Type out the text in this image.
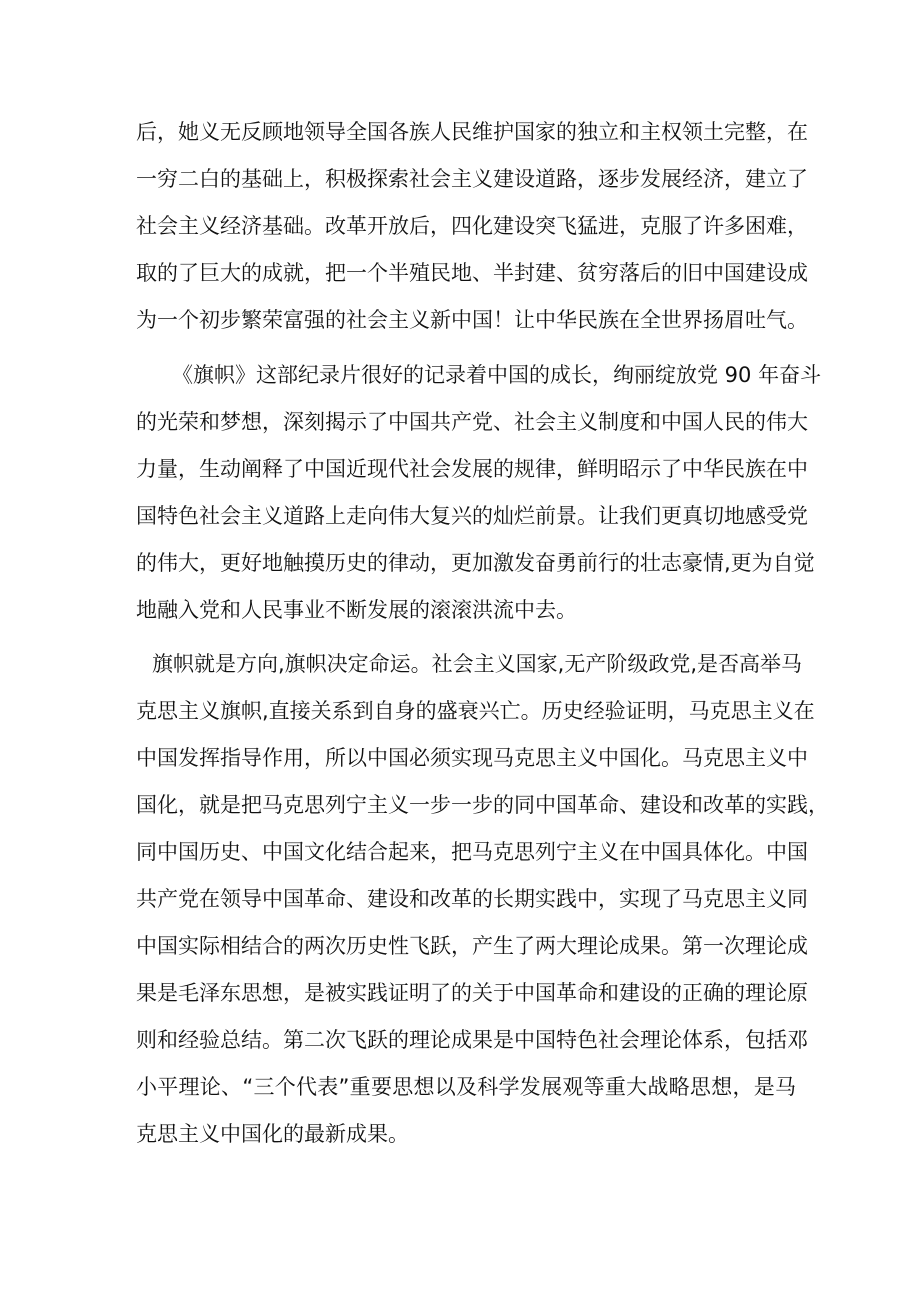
后，她义无反顾地领导全国各族人民维护国家的独立和主权领土完整，在
一穷二白的基础上，积极探索社会主义建设道路，逐步发展经济，建立了
社会主义经济基础。改革开放后，四化建设突飞猛进，克服了许多困难，
取的了巨大的成就，把一个半殖民地、半封建、贫穷落后的旧中国建设成
为一个初步繁荣富强的社会主义新中国！让中华民族在全世界扬眉吐气。
《旗帜》这部纪录片很好的记录着中国的成长，绚丽绽放党 90 年奋斗
的光荣和梦想，深刻揭示了中国共产党、社会主义制度和中国人民的伟大
力量，生动阐释了中国近现代社会发展的规律，鲜明昭示了中华民族在中
国特色社会主义道路上走向伟大复兴的灿烂前景。让我们更真切地感受党
的伟大，更好地触摸历史的律动，更加激发奋勇前行的壮志豪情,更为自觉
地融入党和人民事业不断发展的滚滚洪流中去。
旗帜就是方向,旗帜决定命运。社会主义国家,无产阶级政党,是否高举马
克思主义旗帜,直接关系到自身的盛衰兴亡。历史经验证明，马克思主义在
中国发挥指导作用，所以中国必须实现马克思主义中国化。马克思主义中
国化，就是把马克思列宁主义一步一步的同中国革命、建设和改革的实践，
同中国历史、中国文化结合起来，把马克思列宁主义在中国具体化。中国
共产党在领导中国革命、建设和改革的长期实践中，实现了马克思主义同
中国实际相结合的两次历史性飞跃，产生了两大理论成果。第一次理论成
果是毛泽东思想，是被实践证明了的关于中国革命和建设的正确的理论原
则和经验总结。第二次飞跃的理论成果是中国特色社会理论体系，包括邓
小平理论、“三个代表”重要思想以及科学发展观等重大战略思想，是马
克思主义中国化的最新成果。
